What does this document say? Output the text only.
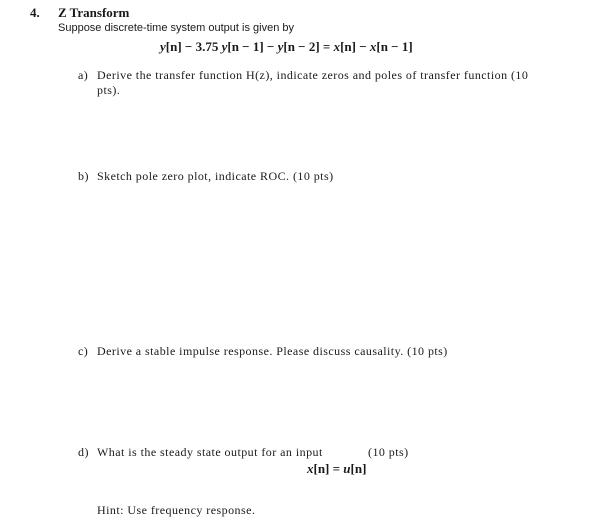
4. Z Transform
Suppose discrete-time system output is given by
y[n] − 3.75 y[n − 1] − y[n − 2] = x[n] − x[n − 1]
a) Derive the transfer function H(z), indicate zeros and poles of transfer function (10
pts).
b) Sketch pole zero plot, indicate ROC. (10 pts)
c) Derive a stable impulse response. Please discuss causality. (10 pts)
d) What is the steady state output for an input	(10 pts)
x[n] = u[n]
Hint: Use frequency response.
